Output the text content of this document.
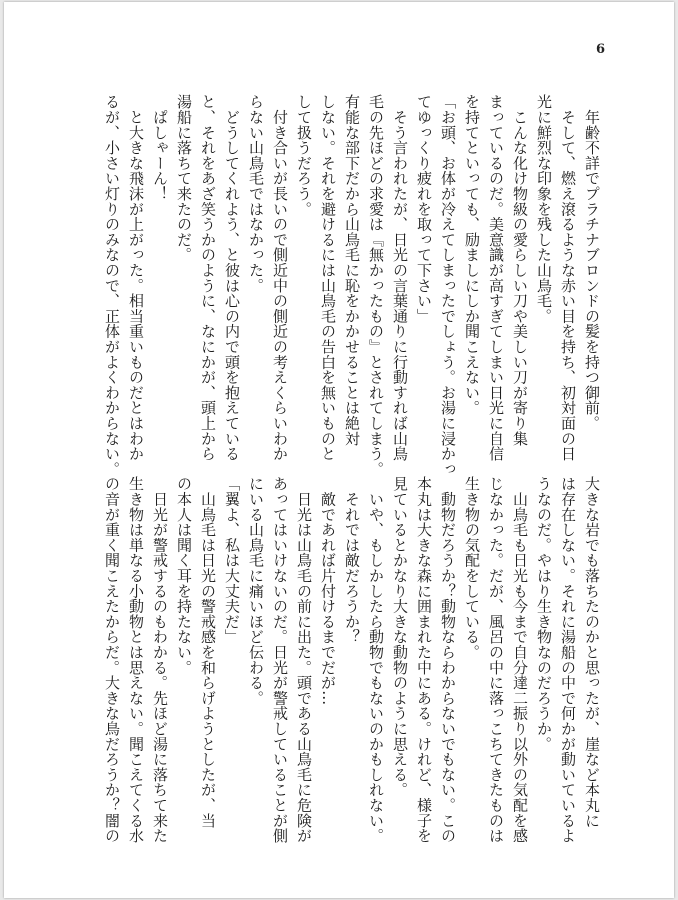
6
　年齢不詳でプラチナブロンドの髪を持つ御前。
　そして、燃え滾るような赤い目を持ち、初対面の日
光に鮮烈な印象を残した山鳥毛。
　こんな化け物級の愛らしい刀や美しい刀が寄り集
まっているのだ。美意識が高すぎてしまい日光に自信
を持てといっても、励ましにしか聞こえない。
「お頭、お体が冷えてしまったでしょう。お湯に浸かっ
てゆっくり疲れを取って下さい」
　そう言われたが、日光の言葉通りに行動すれば山鳥
毛の先ほどの求愛は『無かったもの』とされてしまう。
有能な部下だから山鳥毛に恥をかかせることは絶対
しない。それを避けるには山鳥毛の告白を無いものと
して扱うだろう。
　付き合いが長いので側近中の側近の考えくらいわか
らない山鳥毛ではなかった。
　どうしてくれよう、と彼は心の内で頭を抱えている
と、それをあざ笑うかのように、なにかが、頭上から
湯船に落ちて来たのだ。
　ぱしゃーん！
　と大きな飛沫が上がった。相当重いものだとはわか
るが、小さい灯りのみなので、正体がよくわからない。
大きな岩でも落ちたのかと思ったが、崖など本丸に
は存在しない。それに湯船の中で何かが動いているよ
うなのだ。やはり生き物なのだろうか。
　山鳥毛も日光も今まで自分達二振り以外の気配を感
じなかった。だが、風呂の中に落っこちてきたものは
生き物の気配をしている。
　動物だろうか？動物ならわからないでもない。この
本丸は大きな森に囲まれた中にある。けれど、様子を
見ているとかなり大きな動物のように思える。
　いや、もしかしたら動物でもないのかもしれない。
　それでは敵だろうか？
　敵であれば片付けるまでだが…
　日光は山鳥毛の前に出た。頭である山鳥毛に危険が
あってはいけないのだ。日光が警戒していることが側
にいる山鳥毛に痛いほど伝わる。
「翼よ、私は大丈夫だ」
　山鳥毛は日光の警戒感を和らげようとしたが、当
の本人は聞く耳を持たない。
　日光が警戒するのもわかる。先ほど湯に落ちて来た
生き物は単なる小動物とは思えない。聞こえてくる水
の音が重く聞こえたからだ。大きな鳥だろうか？闇の
